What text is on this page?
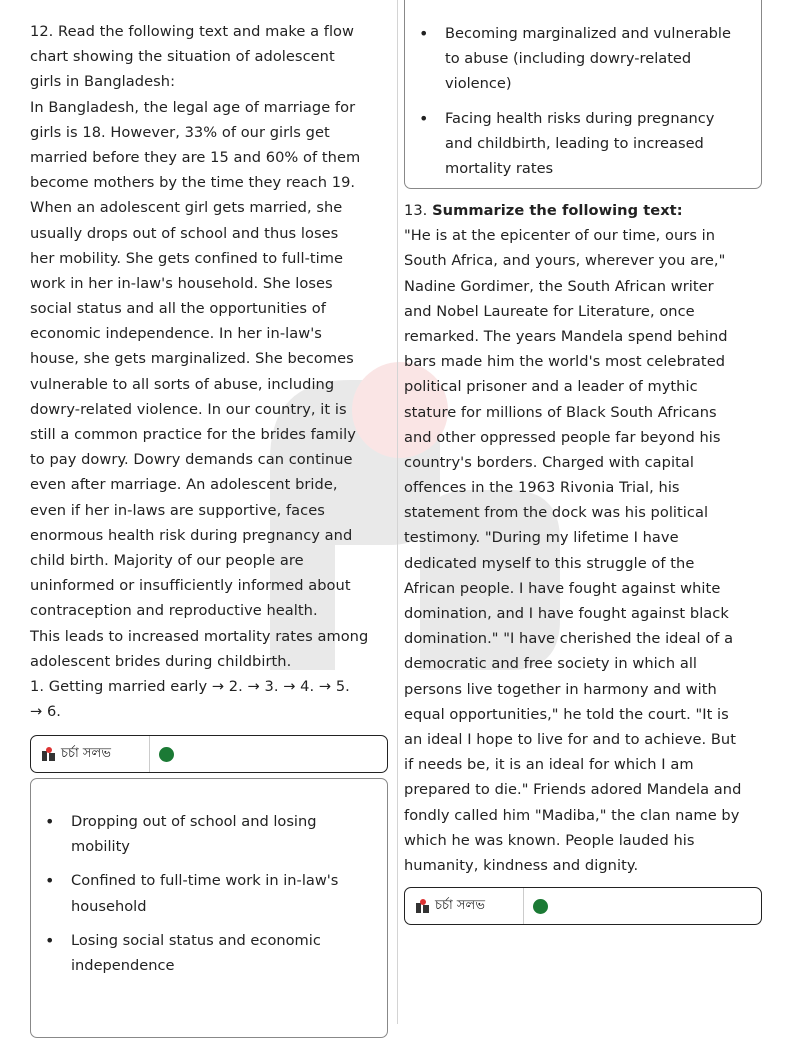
12. Read the following text and make a flow
chart showing the situation of adolescent
girls in Bangladesh:
In Bangladesh, the legal age of marriage for
girls is 18. However, 33% of our girls get
married before they are 15 and 60% of them
become mothers by the time they reach 19.
When an adolescent girl gets married, she
usually drops out of school and thus loses
her mobility. She gets confined to full-time
work in her in-law's household. She loses
social status and all the opportunities of
economic independence. In her in-law's
house, she gets marginalized. She becomes
vulnerable to all sorts of abuse, including
dowry-related violence. In our country, it is
still a common practice for the brides family
to pay dowry. Dowry demands can continue
even after marriage. An adolescent bride,
even if her in-laws are supportive, faces
enormous health risk during pregnancy and
child birth. Majority of our people are
uninformed or insufficiently informed about
contraception and reproductive health.
This leads to increased mortality rates among
adolescent brides during childbirth.
1. Getting married early → 2. → 3. → 4. → 5.
→ 6.
চর্চা সলভ
• Dropping out of school and losing
mobility
• Confined to full-time work in in-law's
household
• Losing social status and economic
independence
• Becoming marginalized and vulnerable
to abuse (including dowry-related
violence)
• Facing health risks during pregnancy
and childbirth, leading to increased
mortality rates
13. Summarize the following text:
"He is at the epicenter of our time, ours in
South Africa, and yours, wherever you are,"
Nadine Gordimer, the South African writer
and Nobel Laureate for Literature, once
remarked. The years Mandela spend behind
bars made him the world's most celebrated
political prisoner and a leader of mythic
stature for millions of Black South Africans
and other oppressed people far beyond his
country's borders. Charged with capital
offences in the 1963 Rivonia Trial, his
statement from the dock was his political
testimony. "During my lifetime I have
dedicated myself to this struggle of the
African people. I have fought against white
domination, and I have fought against black
domination." "I have cherished the ideal of a
democratic and free society in which all
persons live together in harmony and with
equal opportunities," he told the court. "It is
an ideal I hope to live for and to achieve. But
if needs be, it is an ideal for which I am
prepared to die." Friends adored Mandela and
fondly called him "Madiba," the clan name by
which he was known. People lauded his
humanity, kindness and dignity.
চর্চা সলভ
